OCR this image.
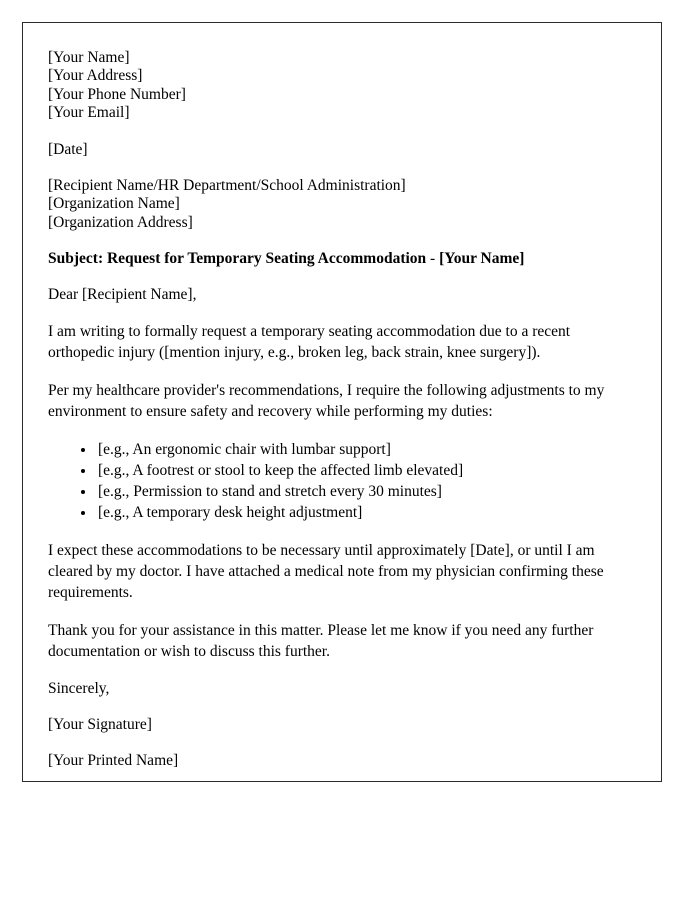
[Your Name]
[Your Address]
[Your Phone Number]
[Your Email]
[Date]
[Recipient Name/HR Department/School Administration]
[Organization Name]
[Organization Address]

Subject: Request for Temporary Seating Accommodation - [Your Name]

Dear [Recipient Name],

I am writing to formally request a temporary seating accommodation due to a recent orthopedic injury ([mention injury, e.g., broken leg, back strain, knee surgery]).

Per my healthcare provider's recommendations, I require the following adjustments to my environment to ensure safety and recovery while performing my duties:

• [e.g., An ergonomic chair with lumbar support]
• [e.g., A footrest or stool to keep the affected limb elevated]
• [e.g., Permission to stand and stretch every 30 minutes]
• [e.g., A temporary desk height adjustment]

I expect these accommodations to be necessary until approximately [Date], or until I am cleared by my doctor. I have attached a medical note from my physician confirming these requirements.

Thank you for your assistance in this matter. Please let me know if you need any further documentation or wish to discuss this further.

Sincerely,

[Your Signature]

[Your Printed Name]
